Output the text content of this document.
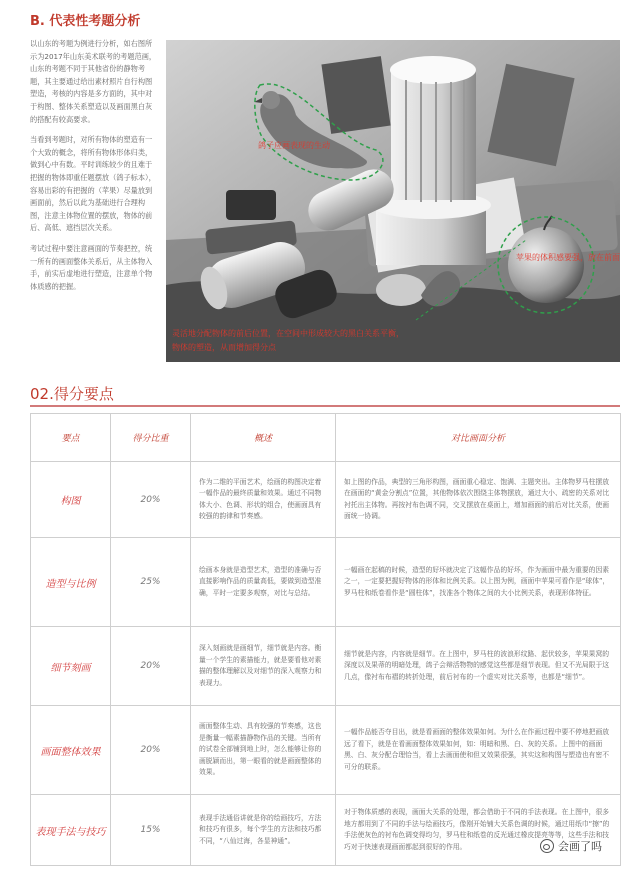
B. 代表性考题分析

以山东的考题为例进行分析，如右图所示为2017年山东美术联考的考题范画，山东的考题不同于其他省份的静物考题，其主要通过给出素材照片自行构图塑造，考核的内容是多方面的，其中对于构图、整体关系塑造以及画面黑白灰的搭配有较高要求。

当看到考题时，对所有物体的塑造有一个大致的概念，将所有物体形体归类，做到心中有数。平时训练较少的且难于把握的物体即重任题摆放（鸽子标本），容易出彩的有把握的（苹果）尽量放到画面前，然后以此为基础进行合理构图，注意主体物位置的摆放，物体的前后、高低、遮挡层次关系。

考试过程中要注意画面的节奏把控，统一所有的画面整体关系后，从主体物入手，前实后虚地进行塑造，注意单个物体质感的把握。

鸽子应画表现的生动
苹果的体积感要强，放在前面
灵活地分配物体的前后位置，在空间中形成较大的黑白关系平衡，
物体的塑造，从而增加得分点
02.得分要点
要点	得分比重	概述	对比画面分析
构图	20%	作为二维的平面艺术，绘画的构图决定着一幅作品的最终质量和效果。通过不同物体大小、色调、形状的组合，使画面具有较强的韵律和节奏感。	如上图的作品，典型的三角形构图，画面重心稳定、饱满、主题突出。主体物罗马柱摆放在画面的“黄金分割点”位置，其他物体依次围绕主体物摆放，通过大小、疏密的关系对比衬托出主体物。再按衬布色调不同，交叉摆放在桌面上，增加画面的前后对比关系，使画面统一协调。
造型与比例	25%	绘画本身就是造型艺术，造型的准确与否直接影响作品的质量高低，要做到造型准确，平时一定要多观察，对比与总结。	一幅画在起稿的时候，造型的好坏就决定了这幅作品的好坏，作为画面中最为重要的因素之一，一定要把握好物体的形体和比例关系。以上图为例，画面中苹果可看作是“球体”，罗马柱和纸卷看作是“圆柱体”，找准各个物体之间的大小比例关系，表现形体特征。
细节刻画	20%	深入刻画就是画细节，细节就是内容。衡量一个学生的素描能力，就是要看他对素描的整体理解以及对细节的深入观察力和表现力。	细节就是内容，内容就是细节。在上图中，罗马柱的波浪形纹路、起伏较多，苹果果窝的深度以及果蒂的明暗处理，鸽子会辩活物物的感觉这些都是细节表现。但又不光局限于这几点，像衬布布褶的转折处理，前后衬布的一个虚实对比关系等，也都是“细节”。
画面整体效果	20%	画面整体生动、具有较强的节奏感，这也是衡量一幅素描静物作品的关键。当所有的试卷全部铺到地上时，怎么能够让你的画脱颖而出，第一眼看的就是画面整体的效果。	一幅作品能否夺目出，就是看画面的整体效果如何。为什么在作画过程中要不停地把画放远了看下，就是在看画面整体效果如何，如：明暗和黑、白、灰的关系。上图中的画面黑、白、灰分配合理恰当，看上去画面使和但又效果很强，其实这和构图与塑造也有密不可分的联系。
表现手法与技巧	15%	表现手法通俗讲就是你的绘画技巧，方法和技巧有很多，每个学生的方法和技巧都不同，“八仙过海，各显神通”。	对于物体质感的表现，画面大关系的处理，都会借助于不同的手法表现。在上图中，很多地方都用到了不同的手法与绘画技巧，像刚开始铺大关系色调的时候，通过用纸巾“擦”的手法使灰色的衬布色调变得均匀，罗马柱和纸卷的反光通过橡皮提亮等等，这些手法和技巧对于快速表现画面都起到很好的作用。	会画了吗
